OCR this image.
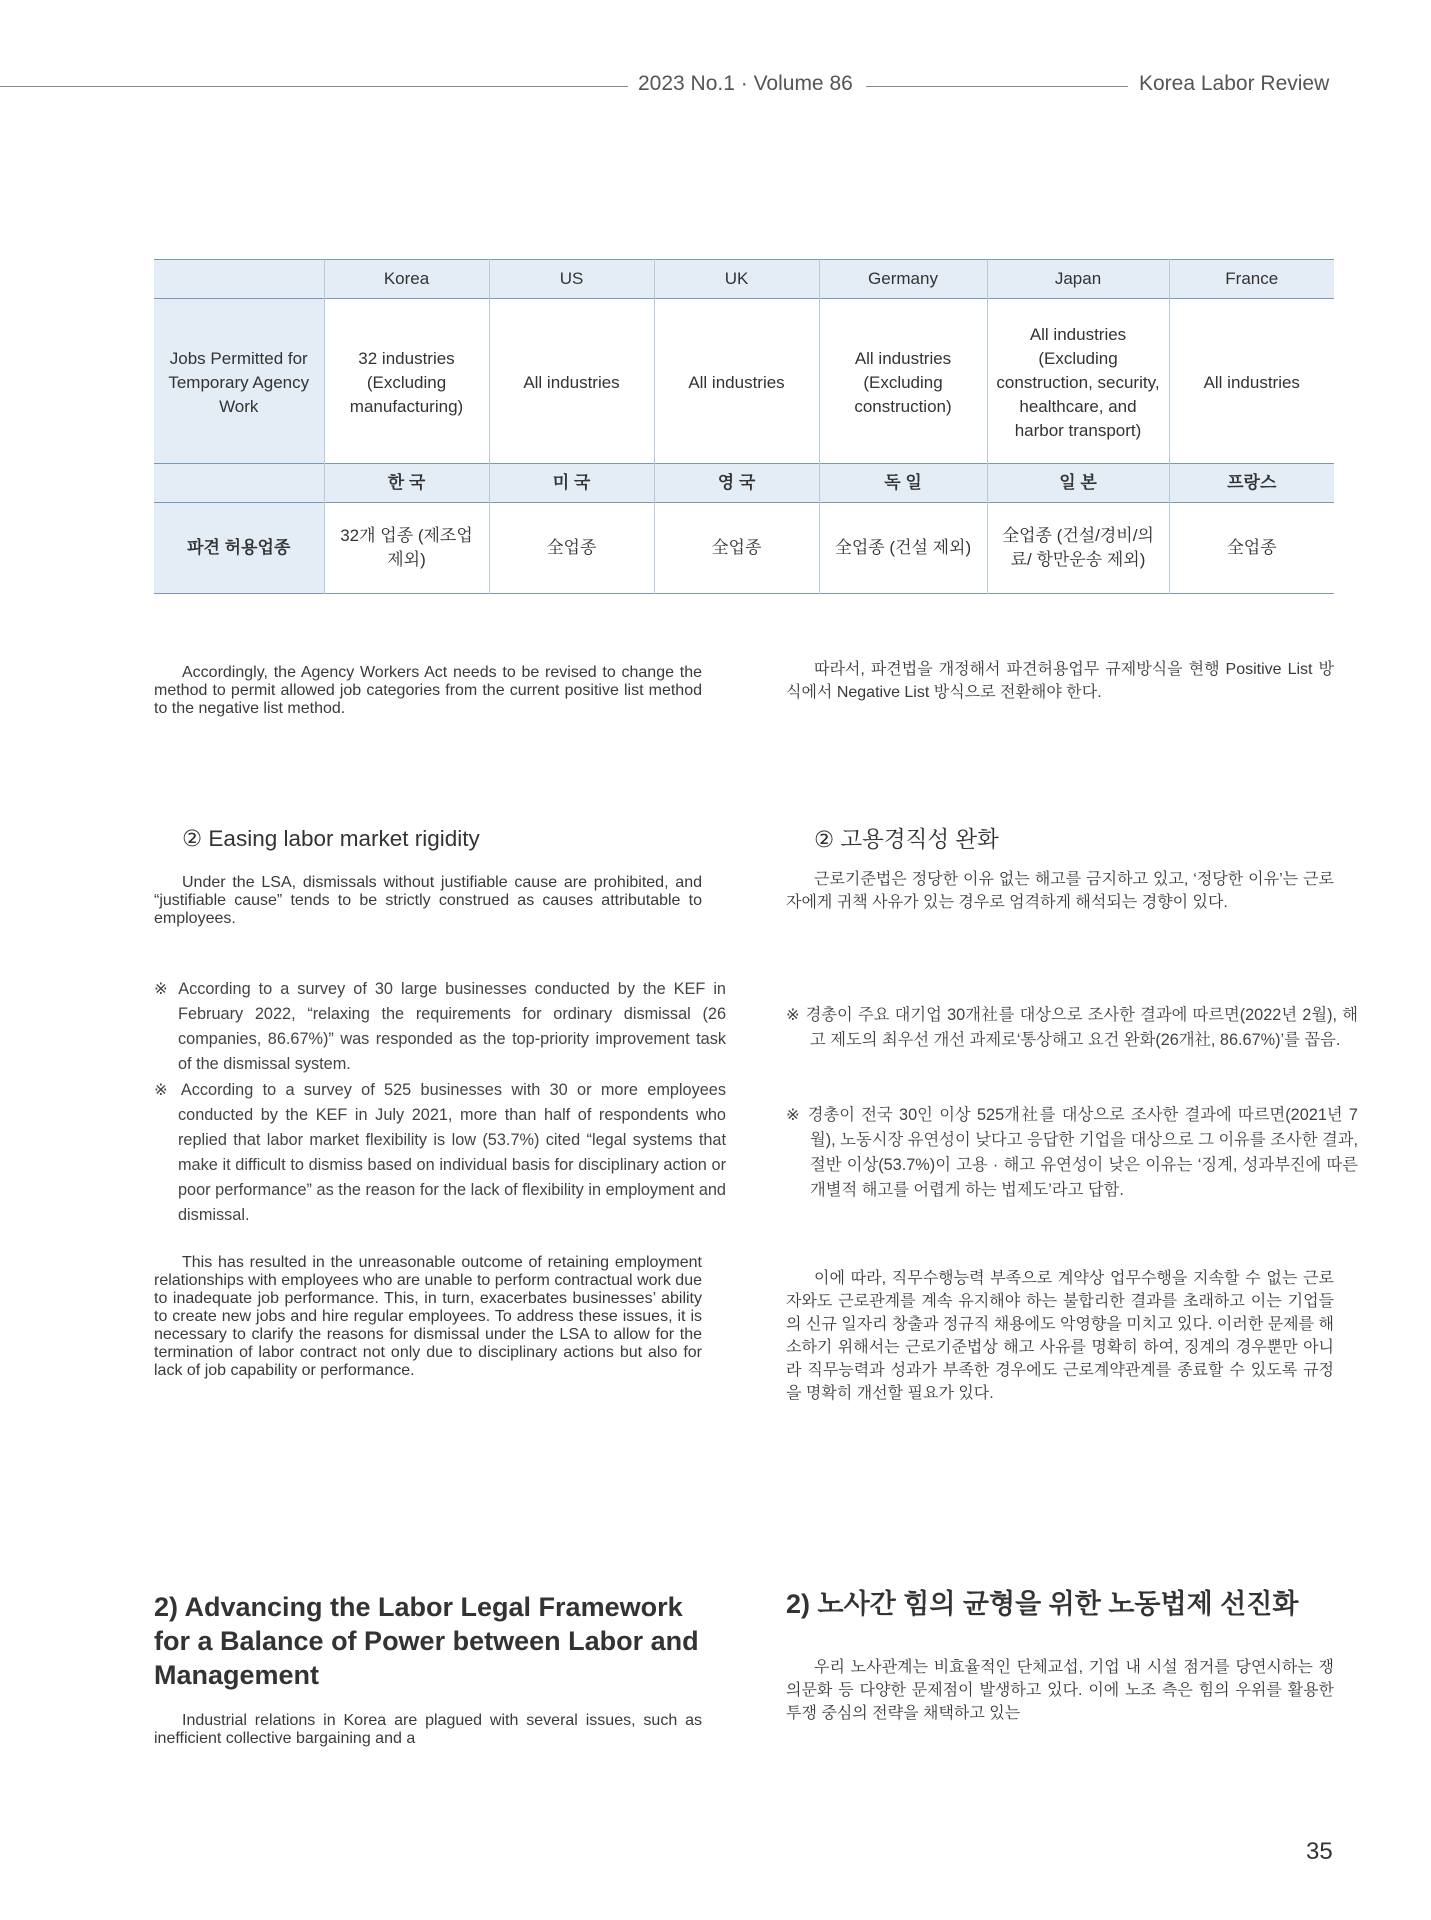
2023 No.1 · Volume 86	Korea Labor Review
	Korea	US	UK	Germany	Japan	France
Jobs Permitted for Temporary Agency Work	32 industries (Excluding manufacturing)	All industries	All industries	All industries (Excluding construction)	All industries (Excluding construction, security, healthcare, and harbor transport)	All industries
	한 국	미 국	영 국	독 일	일 본	프랑스
파견 허용업종	32개 업종 (제조업 제외)	全업종	全업종	全업종 (건설 제외)	全업종 (건설/경비/의료/ 항만운송 제외)	全업종

Accordingly, the Agency Workers Act needs to be revised to change the method to permit allowed job categories from the current positive list method to the negative list method.

② Easing labor market rigidity

Under the LSA, dismissals without justifiable cause are prohibited, and “justifiable cause” tends to be strictly construed as causes attributable to employees.

※ According to a survey of 30 large businesses conducted by the KEF in February 2022, “relaxing the requirements for ordinary dismissal (26 companies, 86.67%)” was responded as the top-priority improvement task of the dismissal system.

※ According to a survey of 525 businesses with 30 or more employees conducted by the KEF in July 2021, more than half of respondents who replied that labor market flexibility is low (53.7%) cited “legal systems that make it difficult to dismiss based on individual basis for disciplinary action or poor performance” as the reason for the lack of flexibility in employment and dismissal.

This has resulted in the unreasonable outcome of retaining employment relationships with employees who are unable to perform contractual work due to inadequate job performance. This, in turn, exacerbates businesses’ ability to create new jobs and hire regular employees. To address these issues, it is necessary to clarify the reasons for dismissal under the LSA to allow for the termination of labor contract not only due to disciplinary actions but also for lack of job capability or performance.

2) Advancing the Labor Legal Framework for a Balance of Power between Labor and Management

Industrial relations in Korea are plagued with several issues, such as inefficient collective bargaining and a

따라서, 파견법을 개정해서 파견허용업무 규제방식을 현행 Positive List 방식에서 Negative List 방식으로 전환해야 한다.

② 고용경직성 완화

근로기준법은 정당한 이유 없는 해고를 금지하고 있고, ‘정당한 이유’는 근로자에게 귀책 사유가 있는 경우로 엄격하게 해석되는 경향이 있다.

※ 경총이 주요 대기업 30개社를 대상으로 조사한 결과에 따르면(2022년 2월), 해고 제도의 최우선 개선 과제로‘통상해고 요건 완화(26개社, 86.67%)’를 꼽음.

※ 경총이 전국 30인 이상 525개社를 대상으로 조사한 결과에 따르면(2021년 7월), 노동시장 유연성이 낮다고 응답한 기업을 대상으로 그 이유를 조사한 결과, 절반 이상(53.7%)이 고용 · 해고 유연성이 낮은 이유는 ‘징계, 성과부진에 따른 개별적 해고를 어렵게 하는 법제도’라고 답함.

이에 따라, 직무수행능력 부족으로 계약상 업무수행을 지속할 수 없는 근로자와도 근로관계를 계속 유지해야 하는 불합리한 결과를 초래하고 이는 기업들의 신규 일자리 창출과 정규직 채용에도 악영향을 미치고 있다. 이러한 문제를 해소하기 위해서는 근로기준법상 해고 사유를 명확히 하여, 징계의 경우뿐만 아니라 직무능력과 성과가 부족한 경우에도 근로계약관계를 종료할 수 있도록 규정을 명확히 개선할 필요가 있다.

2) 노사간 힘의 균형을 위한 노동법제 선진화

우리 노사관계는 비효율적인 단체교섭, 기업 내 시설 점거를 당연시하는 쟁의문화 등 다양한 문제점이 발생하고 있다. 이에 노조 측은 힘의 우위를 활용한 투쟁 중심의 전략을 채택하고 있는

35
